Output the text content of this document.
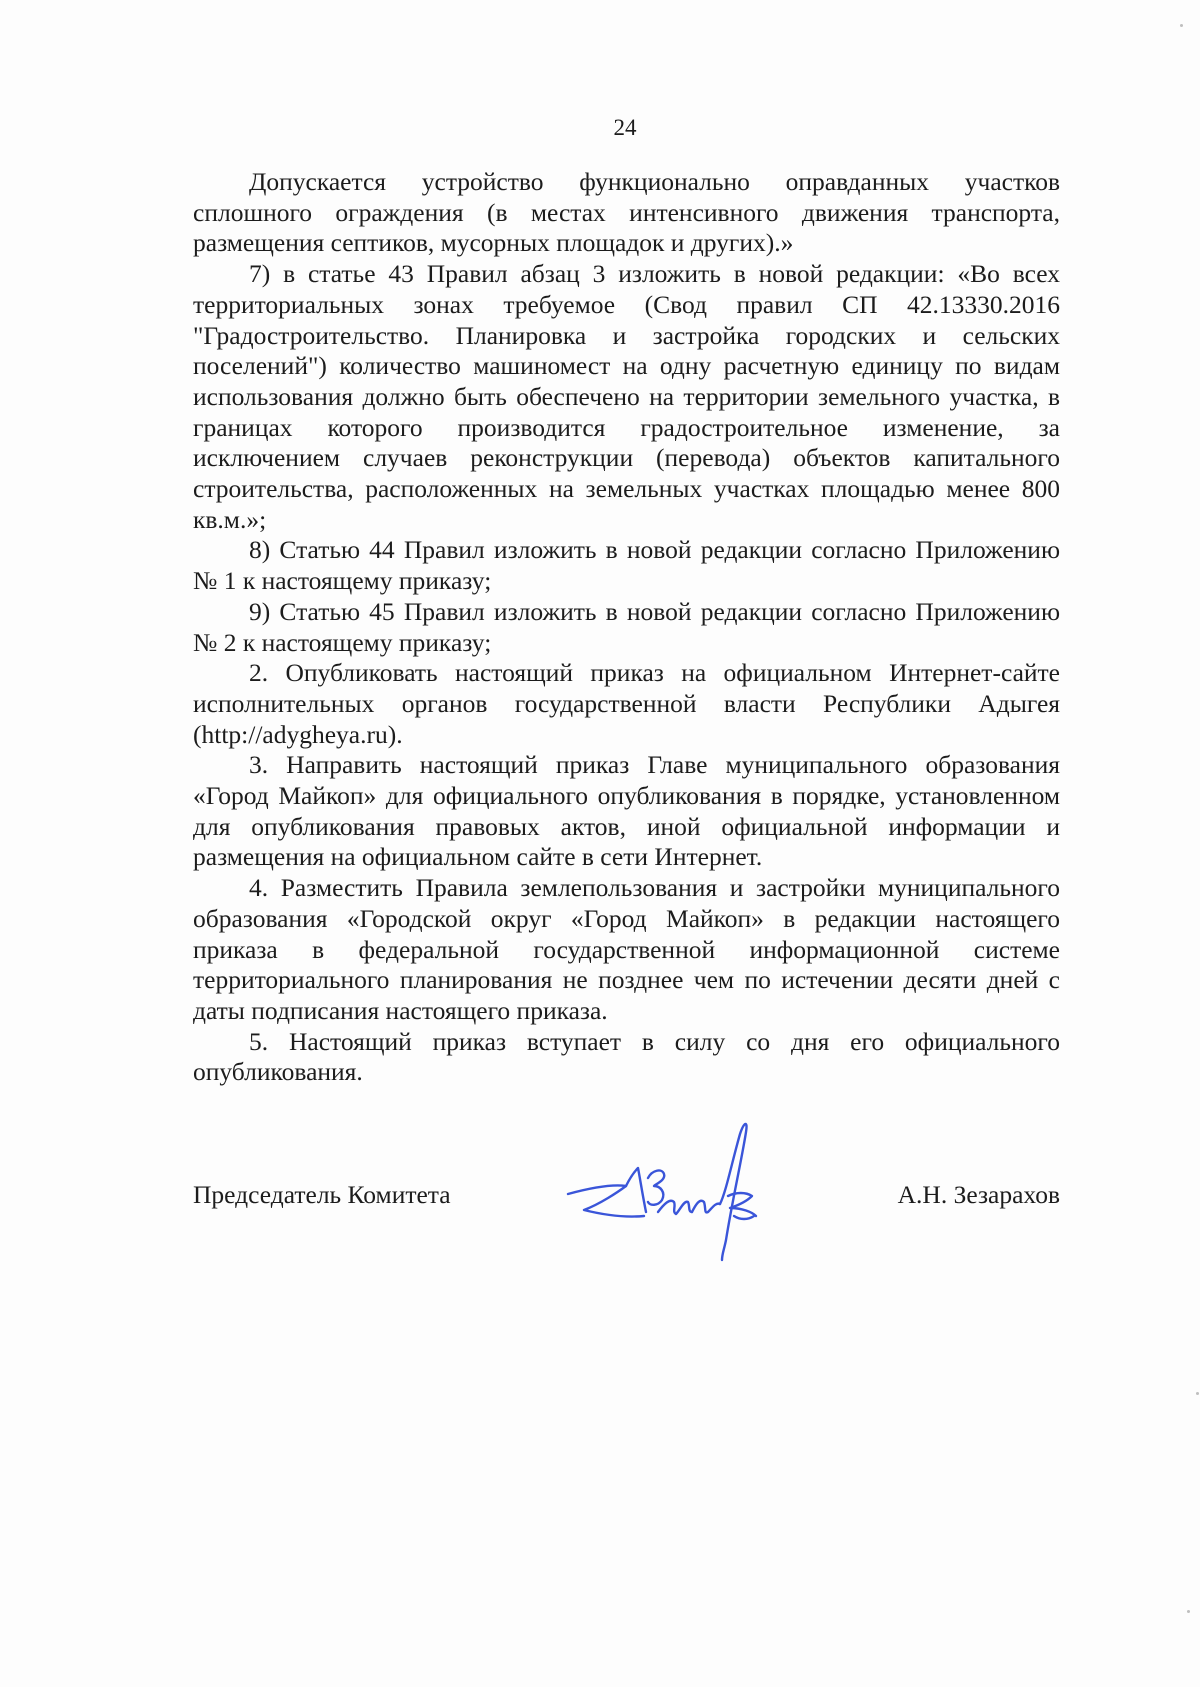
24

Допускается устройство функционально оправданных участков сплошного ограждения (в местах интенсивного движения транспорта, размещения септиков, мусорных площадок и других).»

7) в статье 43 Правил абзац 3 изложить в новой редакции: «Во всех территориальных зонах требуемое (Свод правил СП 42.13330.2016 "Градостроительство. Планировка и застройка городских и сельских поселений") количество машиномест на одну расчетную единицу по видам использования должно быть обеспечено на территории земельного участка, в границах которого производится градостроительное изменение, за исключением случаев реконструкции (перевода) объектов капитального строительства, расположенных на земельных участках площадью менее 800 кв.м.»;

8) Статью 44 Правил изложить в новой редакции согласно Приложению № 1 к настоящему приказу;

9) Статью 45 Правил изложить в новой редакции согласно Приложению № 2 к настоящему приказу;

2. Опубликовать настоящий приказ на официальном Интернет-сайте исполнительных органов государственной власти Республики Адыгея (http://adygheya.ru).

3. Направить настоящий приказ Главе муниципального образования «Город Майкоп» для официального опубликования в порядке, установленном для опубликования правовых актов, иной официальной информации и размещения на официальном сайте в сети Интернет.

4. Разместить Правила землепользования и застройки муниципального образования «Городской округ «Город Майкоп» в редакции настоящего приказа в федеральной государственной информационной системе территориального планирования не позднее чем по истечении десяти дней с даты подписания настоящего приказа.

5. Настоящий приказ вступает в силу со дня его официального опубликования.

Председатель Комитета	А.Н. Зезарахов
